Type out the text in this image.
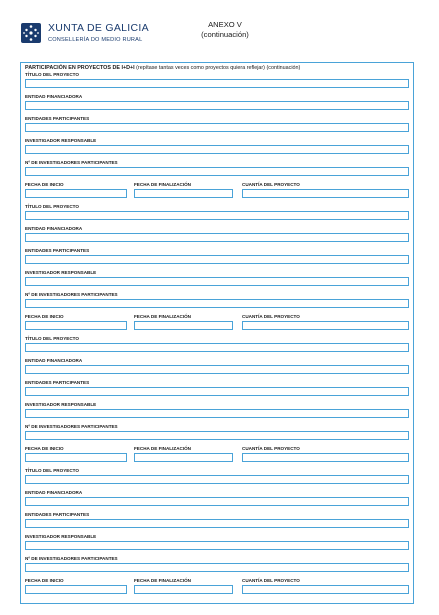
XUNTA DE GALICIA
CONSELLERÍA DO MEDIO RURAL
ANEXO V
(continuación)
PARTICIPACIÓN EN PROYECTOS DE I+D+I (repítase tantas veces como proyectos quiera reflejar) (continuación)
TÍTULO DEL PROYECTO
ENTIDAD FINANCIADORA
ENTIDADES PARTICIPANTES
INVESTIGADOR RESPONSABLE
Nº DE INVESTIGADORES PARTICIPANTES
FECHA DE INICIO	FECHA DE FINALIZACIÓN	CUANTÍA DEL PROYECTO
TÍTULO DEL PROYECTO
ENTIDAD FINANCIADORA
ENTIDADES PARTICIPANTES
INVESTIGADOR RESPONSABLE
Nº DE INVESTIGADORES PARTICIPANTES
FECHA DE INICIO	FECHA DE FINALIZACIÓN	CUANTÍA DEL PROYECTO
TÍTULO DEL PROYECTO
ENTIDAD FINANCIADORA
ENTIDADES PARTICIPANTES
INVESTIGADOR RESPONSABLE
Nº DE INVESTIGADORES PARTICIPANTES
FECHA DE INICIO	FECHA DE FINALIZACIÓN	CUANTÍA DEL PROYECTO
TÍTULO DEL PROYECTO
ENTIDAD FINANCIADORA
ENTIDADES PARTICIPANTES
INVESTIGADOR RESPONSABLE
Nº DE INVESTIGADORES PARTICIPANTES
FECHA DE INICIO	FECHA DE FINALIZACIÓN	CUANTÍA DEL PROYECTO
